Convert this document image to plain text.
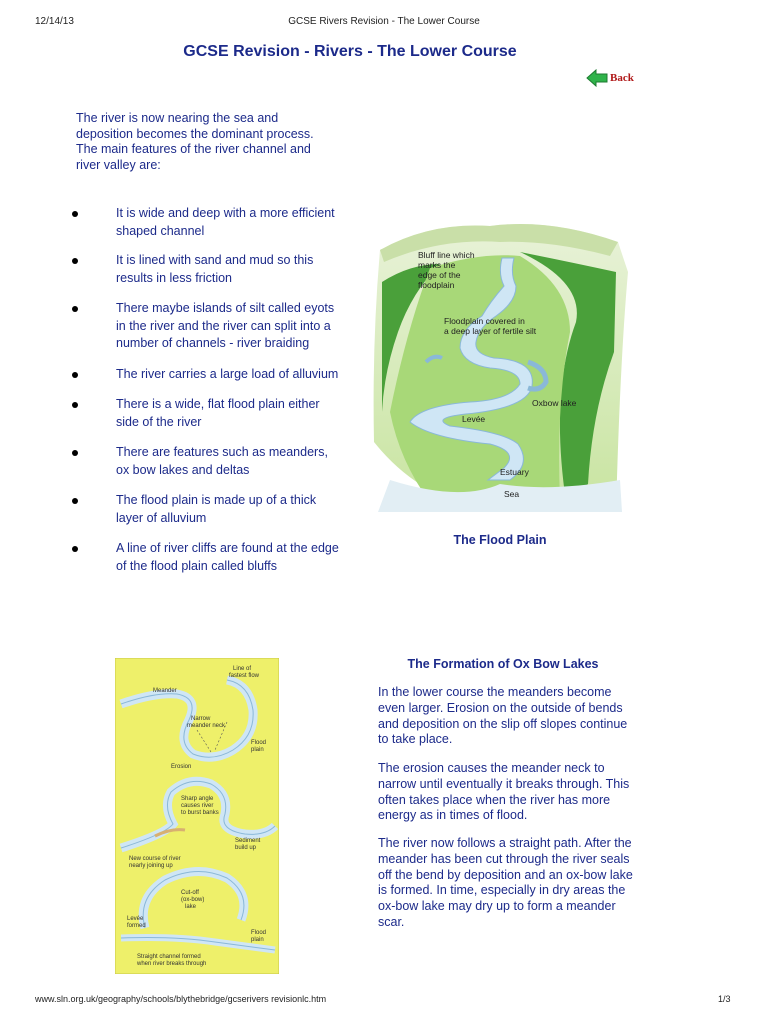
12/14/13	GCSE Rivers Revision - The Lower Course
GCSE Revision - Rivers - The Lower Course
Back
The river is now nearing the sea and deposition becomes the dominant process.
The main features of the river channel and river valley are:
It is wide and deep with a more efficient shaped channel
It is lined with sand and mud so this results in less friction
There maybe islands of silt called eyots in the river and the river can split into a number of channels - river braiding
The river carries a large load of alluvium
There is a wide, flat flood plain either side of the river
There are features such as meanders, ox bow lakes and deltas
The flood plain is made up of a thick layer of alluvium
A line of river cliffs are found at the edge of the flood plain called bluffs
Bluff line which
marks the
edge of the
floodplain
Floodplain covered in
a deep layer of fertile silt
Oxbow lake
Levée
Estuary
Sea
The Flood Plain
Line of
fastest flow
Meander
Narrow
meander neck
Flood
plain
Erosion
Sharp angle
causes river
to burst banks
Sediment
build up
New course of river
nearly joining up
Cut-off
(ox-bow)
lake
Levée
formed
Flood
plain
Straight channel formed
when river breaks through
The Formation of Ox Bow Lakes

In the lower course the meanders become even larger. Erosion on the outside of bends and deposition on the slip off slopes continue to take place.

The erosion causes the meander neck to narrow until eventually it breaks through. This often takes place when the river has more energy as in times of flood.

The river now follows a straight path. After the meander has been cut through the river seals off the bend by deposition and an ox-bow lake is formed. In time, especially in dry areas the ox-bow lake may dry up to form a meander scar.

www.sln.org.uk/geography/schools/blythebridge/gcserivers revisionlc.htm	1/3
